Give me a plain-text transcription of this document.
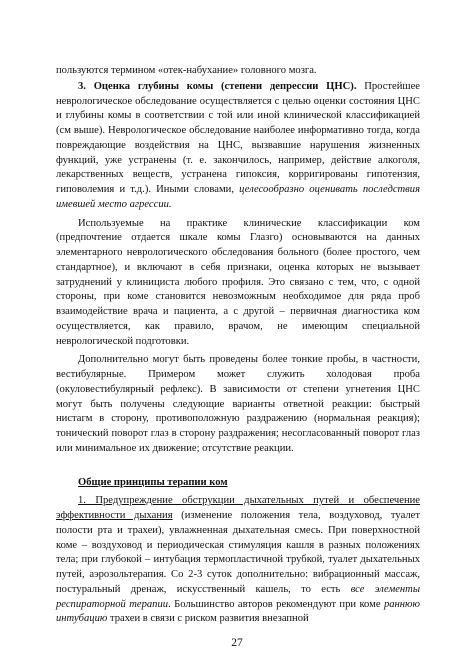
пользуются термином «отек-набухание» головного мозга.

3. Оценка глубины комы (степени депрессии ЦНС). Простейшее неврологическое обследование осуществляется с целью оценки состояния ЦНС и глубины комы в соответствии с той или иной клинической классификацией (см выше). Неврологическое обследование наиболее информативно тогда, когда повреждающие воздействия на ЦНС, вызвавшие нарушения жизненных функций, уже устранены (т. е. закончилось, например, действие алкоголя, лекарственных веществ, устранена гипоксия, корригированы гипотензия, гиповолемия и т.д.). Иными словами, целесообразно оценивать последствия имевшей место агрессии.

Используемые на практике клинические классификации ком (предпочтение отдается шкале комы Глазго) основываются на данных элементарного неврологического обследования больного (более простого, чем стандартное), и включают в себя признаки, оценка которых не вызывает затруднений у клинициста любого профиля. Это связано с тем, что, с одной стороны, при коме становится невозможным необходимое для ряда проб взаимодействие врача и пациента, а с другой – первичная диагностика ком осуществляется, как правило, врачом, не имеющим специальной неврологической подготовки.

Дополнительно могут быть проведены более тонкие пробы, в частности, вестибулярные. Примером может служить холодовая проба (окуловестибулярный рефлекс). В зависимости от степени угнетения ЦНС могут быть получены следующие варианты ответной реакции: быстрый нистагм в сторону, противоположную раздражению (нормальная реакция); тонический поворот глаз в сторону раздражения; несогласованный поворот глаз или минимальное их движение; отсутствие реакции.

Общие принципы терапии ком

1. Предупреждение обструкции дыхательных путей и обеспечение эффективности дыхания (изменение положения тела, воздуховод, туалет полости рта и трахеи), увлажненная дыхательная смесь. При поверхностной коме – воздуховод и периодическая стимуляция кашля в разных положениях тела; при глубокой – интубация термопластичной трубкой, туалет дыхательных путей, аэрозольтерапия. Со 2-3 суток дополнительно: вибрационный массаж, постуральный дренаж, искусственный кашель, то есть все элементы респираторной терапии. Большинство авторов рекомендуют при коме раннюю интубацию трахеи в связи с риском развития внезапной

27
